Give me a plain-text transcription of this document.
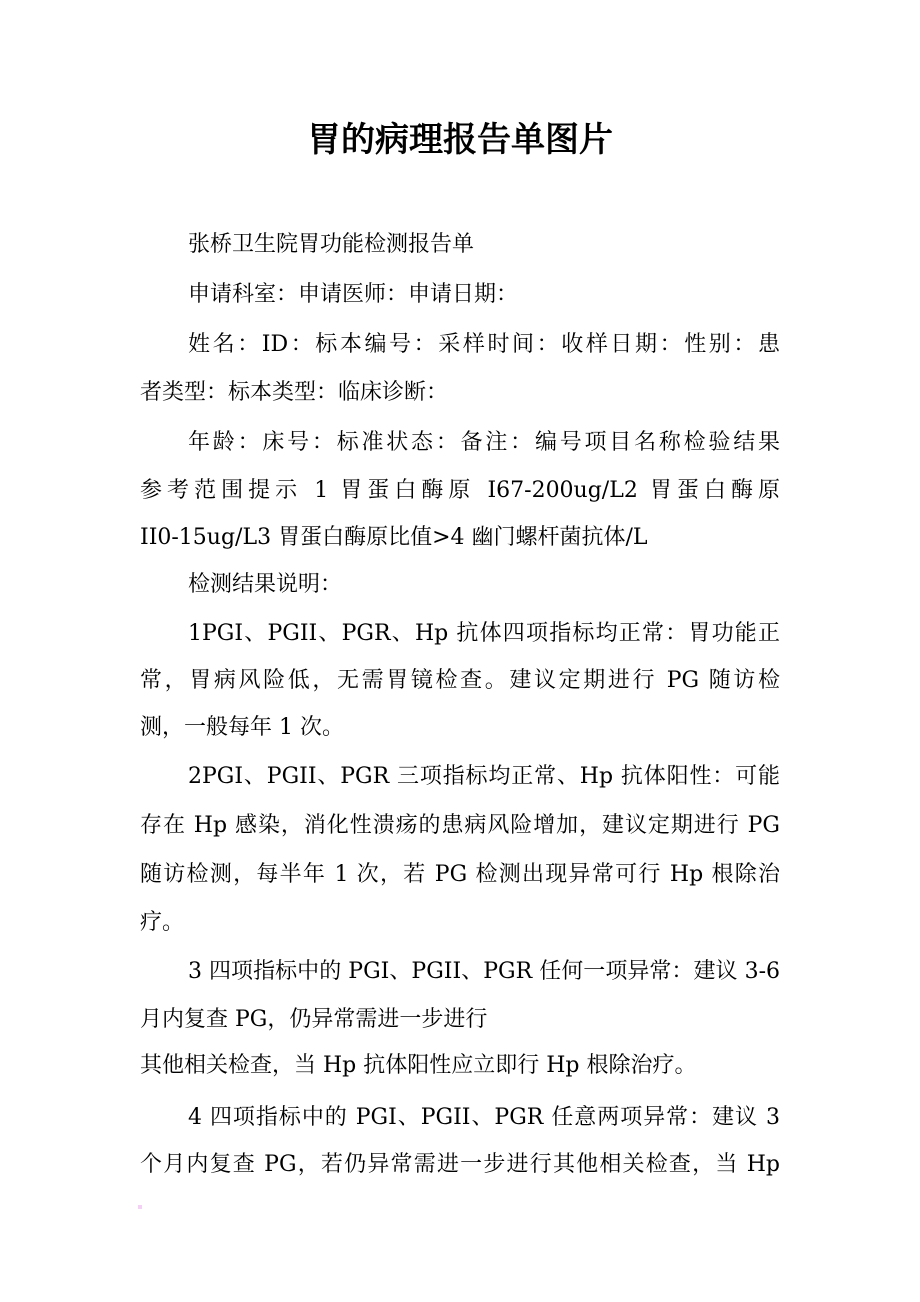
胃的病理报告单图片
张桥卫生院胃功能检测报告单
申请科室：申请医师：申请日期：
姓名：ID：标本编号：采样时间：收样日期：性别：患
者类型：标本类型：临床诊断：
年龄：床号：标准状态：备注：编号项目名称检验结果
参考范围提示 1 胃蛋白酶原 I67-200ug/L2 胃蛋白酶原
II0-15ug/L3 胃蛋白酶原比值>4 幽门螺杆菌抗体/L
检测结果说明：
1PGI、PGII、PGR、Hp 抗体四项指标均正常：胃功能正
常，胃病风险低，无需胃镜检查。建议定期进行 PG 随访检
测，一般每年 1 次。
2PGI、PGII、PGR 三项指标均正常、Hp 抗体阳性：可能
存在 Hp 感染，消化性溃疡的患病风险增加，建议定期进行 PG
随访检测，每半年 1 次，若 PG 检测出现异常可行 Hp 根除治
疗。
3 四项指标中的 PGI、PGII、PGR 任何一项异常：建议 3-6
月内复查 PG，仍异常需进一步进行
其他相关检查，当 Hp 抗体阳性应立即行 Hp 根除治疗。
4 四项指标中的 PGI、PGII、PGR 任意两项异常：建议 3
个月内复查 PG，若仍异常需进一步进行其他相关检查，当 Hp
